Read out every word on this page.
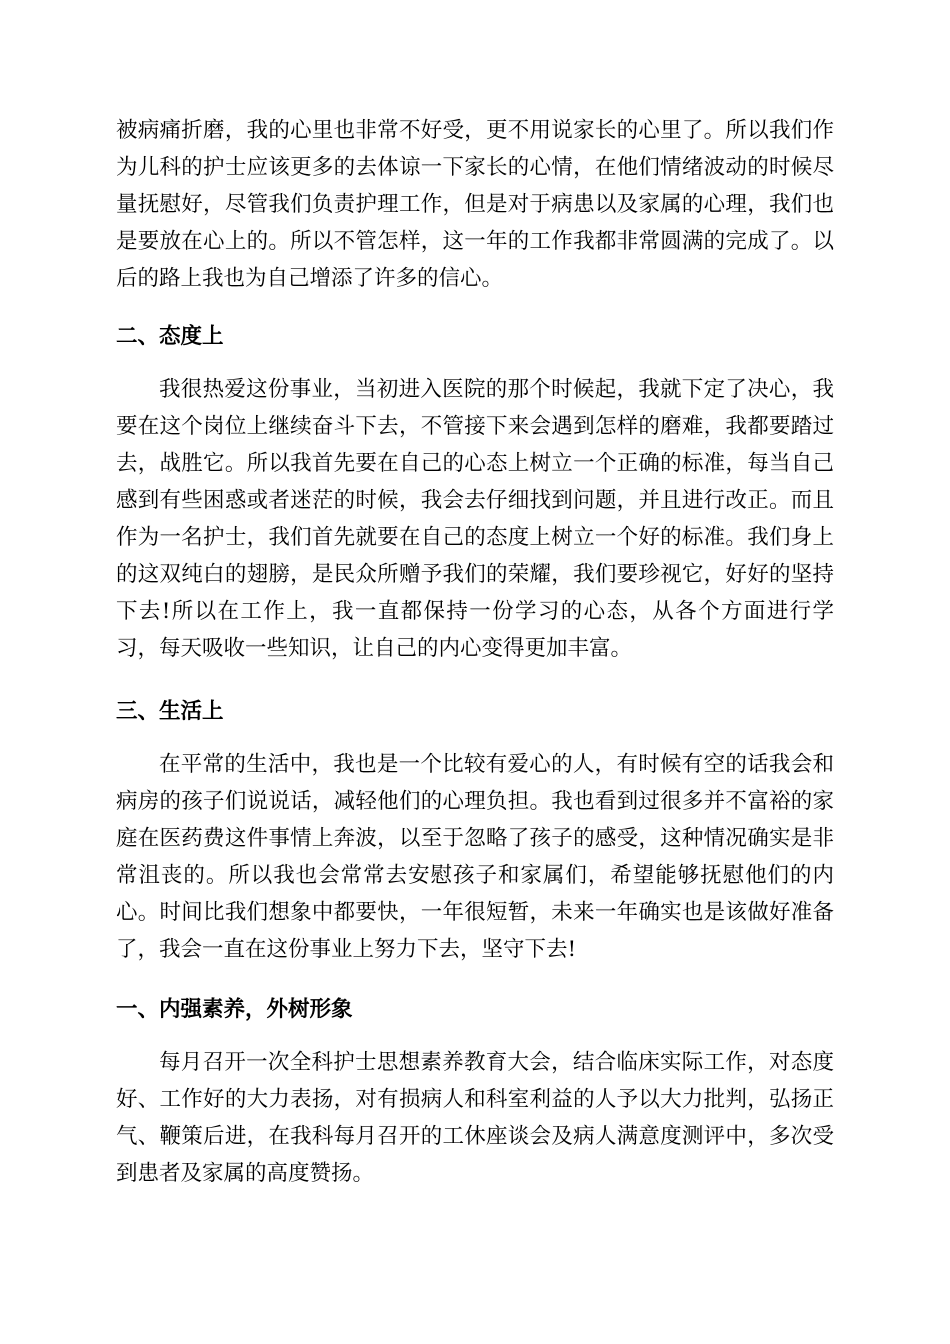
被病痛折磨，我的心里也非常不好受，更不用说家长的心里了。所以我们作为儿科的护士应该更多的去体谅一下家长的心情，在他们情绪波动的时候尽量抚慰好，尽管我们负责护理工作，但是对于病患以及家属的心理，我们也是要放在心上的。所以不管怎样，这一年的工作我都非常圆满的完成了。以后的路上我也为自己增添了许多的信心。

二、态度上

我很热爱这份事业，当初进入医院的那个时候起，我就下定了决心，我要在这个岗位上继续奋斗下去，不管接下来会遇到怎样的磨难，我都要踏过去，战胜它。所以我首先要在自己的心态上树立一个正确的标准，每当自己感到有些困惑或者迷茫的时候，我会去仔细找到问题，并且进行改正。而且作为一名护士，我们首先就要在自己的态度上树立一个好的标准。我们身上的这双纯白的翅膀，是民众所赠予我们的荣耀，我们要珍视它，好好的坚持下去!所以在工作上，我一直都保持一份学习的心态，从各个方面进行学习，每天吸收一些知识，让自己的内心变得更加丰富。

三、生活上

在平常的生活中，我也是一个比较有爱心的人，有时候有空的话我会和病房的孩子们说说话，减轻他们的心理负担。我也看到过很多并不富裕的家庭在医药费这件事情上奔波，以至于忽略了孩子的感受，这种情况确实是非常沮丧的。所以我也会常常去安慰孩子和家属们，希望能够抚慰他们的内心。时间比我们想象中都要快，一年很短暂，未来一年确实也是该做好准备了，我会一直在这份事业上努力下去，坚守下去!

一、内强素养，外树形象

每月召开一次全科护士思想素养教育大会，结合临床实际工作，对态度好、工作好的大力表扬，对有损病人和科室利益的人予以大力批判，弘扬正气、鞭策后进，在我科每月召开的工休座谈会及病人满意度测评中，多次受到患者及家属的高度赞扬。
